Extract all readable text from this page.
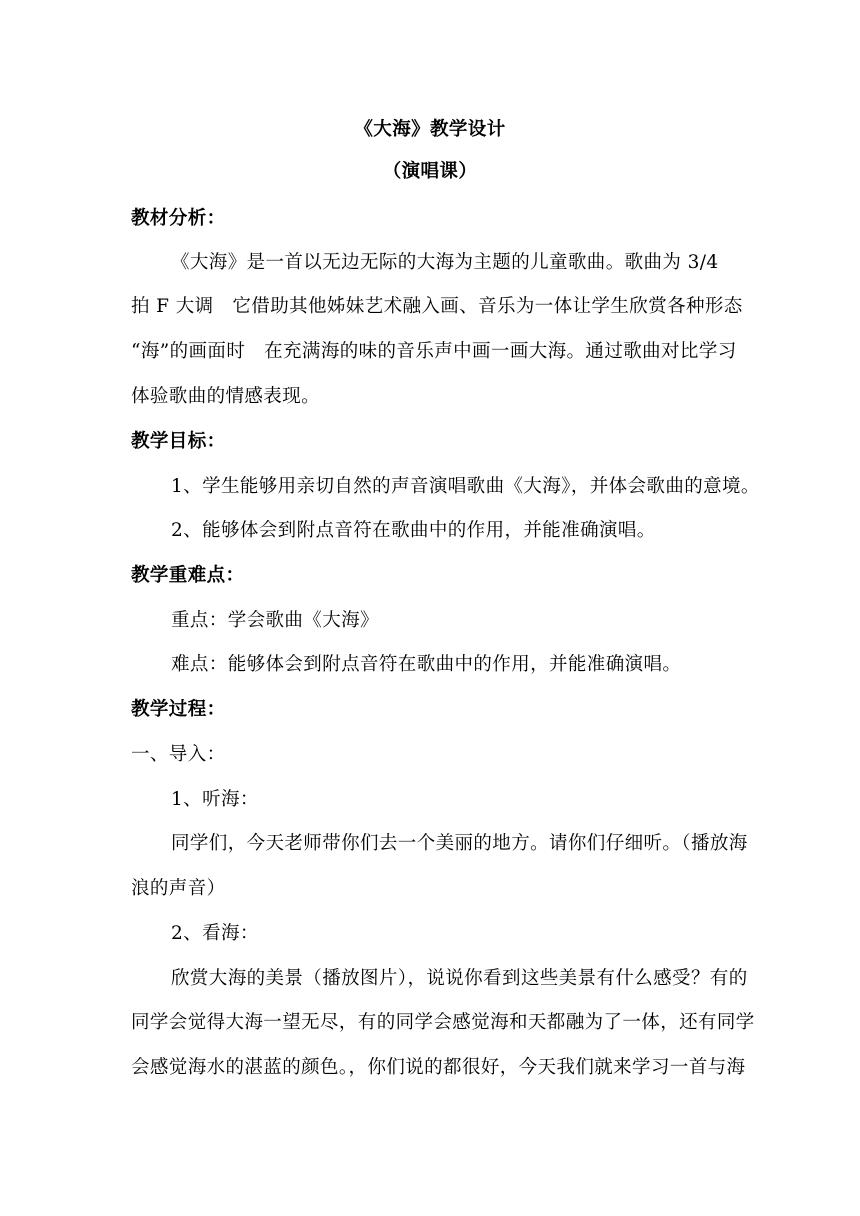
《大海》教学设计
（演唱课）
教材分析：
《大海》是一首以无边无际的大海为主题的儿童歌曲。歌曲为 3/4
拍 F 大调　它借助其他姊妹艺术融入画、音乐为一体让学生欣赏各种形态
“海”的画面时　在充满海的味的音乐声中画一画大海。通过歌曲对比学习
体验歌曲的情感表现。
教学目标：
1、学生能够用亲切自然的声音演唱歌曲《大海》，并体会歌曲的意境。
2、能够体会到附点音符在歌曲中的作用，并能准确演唱。
教学重难点：
重点：学会歌曲《大海》
难点：能够体会到附点音符在歌曲中的作用，并能准确演唱。
教学过程：
一、导入：
1、听海：
同学们，今天老师带你们去一个美丽的地方。请你们仔细听。（播放海
浪的声音）
2、看海：
欣赏大海的美景（播放图片），说说你看到这些美景有什么感受？有的
同学会觉得大海一望无尽，有的同学会感觉海和天都融为了一体，还有同学
会感觉海水的湛蓝的颜色。，你们说的都很好，今天我们就来学习一首与海
